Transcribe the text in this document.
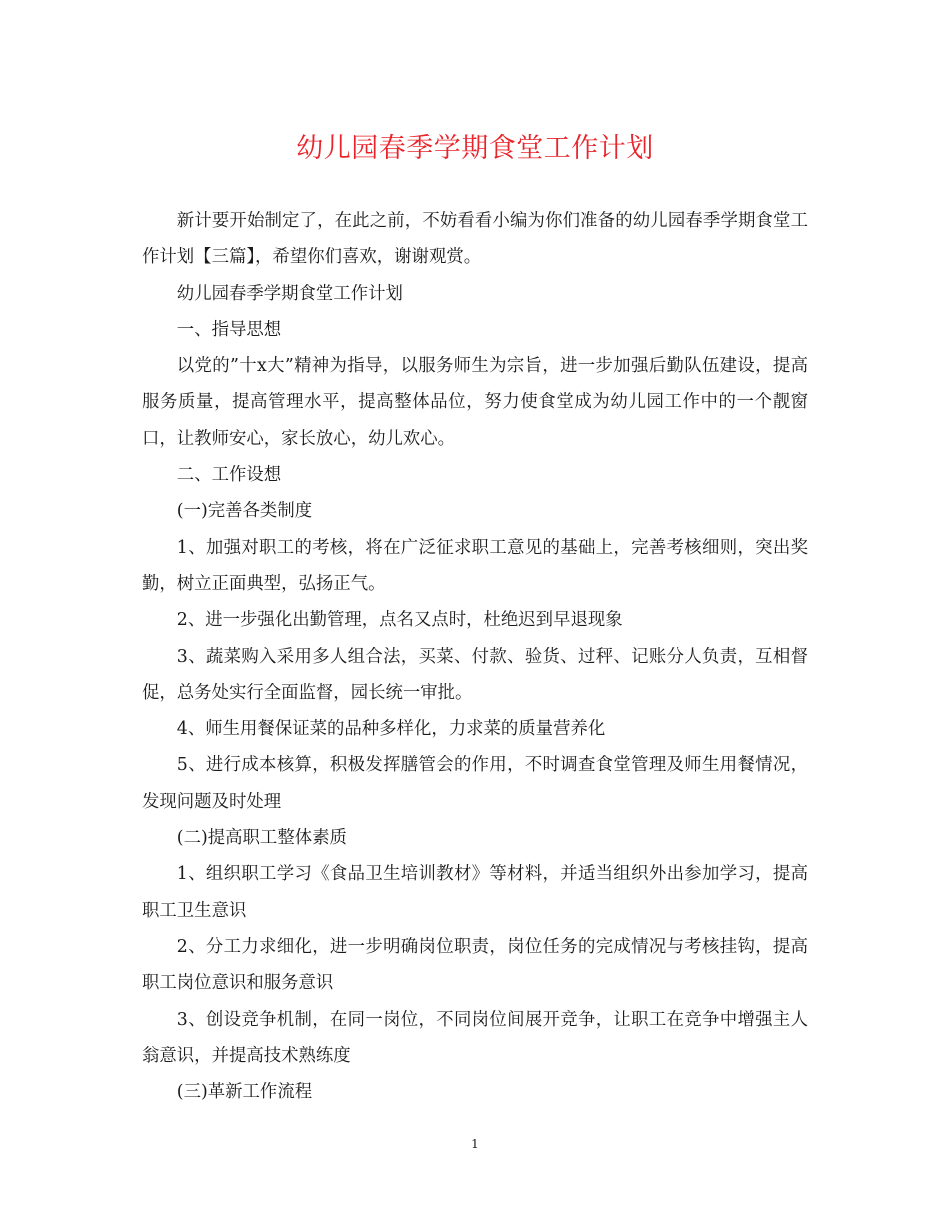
幼儿园春季学期食堂工作计划

新计要开始制定了，在此之前，不妨看看小编为你们准备的幼儿园春季学期食堂工作计划【三篇】，希望你们喜欢，谢谢观赏。

幼儿园春季学期食堂工作计划

一、指导思想

以党的”十x大”精神为指导，以服务师生为宗旨，进一步加强后勤队伍建设，提高服务质量，提高管理水平，提高整体品位，努力使食堂成为幼儿园工作中的一个靓窗口，让教师安心，家长放心，幼儿欢心。

二、工作设想

(一)完善各类制度

1、加强对职工的考核，将在广泛征求职工意见的基础上，完善考核细则，突出奖勤，树立正面典型，弘扬正气。

2、进一步强化出勤管理，点名又点时，杜绝迟到早退现象

3、蔬菜购入采用多人组合法，买菜、付款、验货、过秤、记账分人负责，互相督促，总务处实行全面监督，园长统一审批。

4、师生用餐保证菜的品种多样化，力求菜的质量营养化

5、进行成本核算，积极发挥膳管会的作用，不时调查食堂管理及师生用餐情况，发现问题及时处理

(二)提高职工整体素质

1、组织职工学习《食品卫生培训教材》等材料，并适当组织外出参加学习，提高职工卫生意识

2、分工力求细化，进一步明确岗位职责，岗位任务的完成情况与考核挂钩，提高职工岗位意识和服务意识

3、创设竞争机制，在同一岗位，不同岗位间展开竞争，让职工在竞争中增强主人翁意识，并提高技术熟练度

(三)革新工作流程

1
